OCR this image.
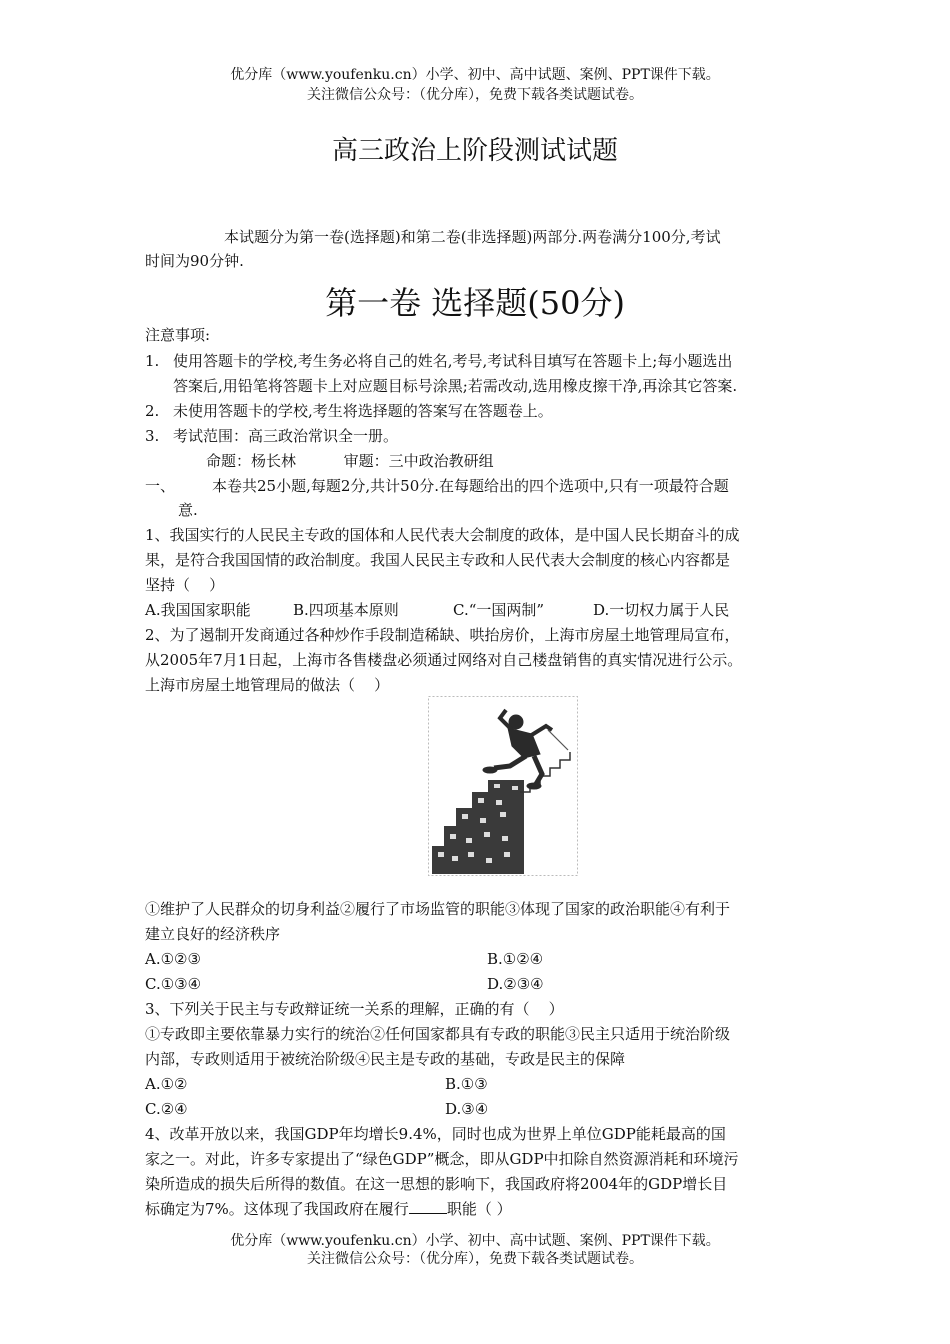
优分库（www.youfenku.cn）小学、初中、高中试题、案例、PPT课件下载。
关注微信公众号：（优分库），免费下载各类试题试卷。
高三政治上阶段测试试题
本试题分为第一卷(选择题)和第二卷(非选择题)两部分.两卷满分100分,考试
时间为90分钟.
第一卷 选择题(50分)
注意事项:
1. 使用答题卡的学校,考生务必将自己的姓名,考号,考试科目填写在答题卡上;每小题选出
答案后,用铅笔将答题卡上对应题目标号涂黑;若需改动,选用橡皮擦干净,再涂其它答案.
2. 未使用答题卡的学校,考生将选择题的答案写在答题卷上。
3. 考试范围：高三政治常识全一册。
命题：杨长林          审题：三中政治教研组
一、 本卷共25小题,每题2分,共计50分.在每题给出的四个选项中,只有一项最符合题
意.
1、我国实行的人民民主专政的国体和人民代表大会制度的政体，是中国人民长期奋斗的成
果，是符合我国国情的政治制度。我国人民民主专政和人民代表大会制度的核心内容都是
坚持（    ）
A.我国国家职能	B.四项基本原则	C.“一国两制”	D.一切权力属于人民
2、为了遏制开发商通过各种炒作手段制造稀缺、哄抬房价，上海市房屋土地管理局宣布，
从2005年7月1日起，上海市各售楼盘必须通过网络对自己楼盘销售的真实情况进行公示。
上海市房屋土地管理局的做法（    ）
①维护了人民群众的切身利益②履行了市场监管的职能③体现了国家的政治职能④有利于
建立良好的经济秩序
A.①②③	B.①②④
C.①③④	D.②③④
3、下列关于民主与专政辩证统一关系的理解，正确的有（    ）
①专政即主要依靠暴力实行的统治②任何国家都具有专政的职能③民主只适用于统治阶级
内部，专政则适用于被统治阶级④民主是专政的基础，专政是民主的保障
A.①②	B.①③
C.②④	D.③④
4、改革开放以来，我国GDP年均增长9.4%，同时也成为世界上单位GDP能耗最高的国
家之一。对此，许多专家提出了“绿色GDP”概念，即从GDP中扣除自然资源消耗和环境污
染所造成的损失后所得的数值。在这一思想的影响下，我国政府将2004年的GDP增长目
标确定为7%。这体现了我国政府在履行	职能（ ）
优分库（www.youfenku.cn）小学、初中、高中试题、案例、PPT课件下载。
关注微信公众号：（优分库），免费下载各类试题试卷。
